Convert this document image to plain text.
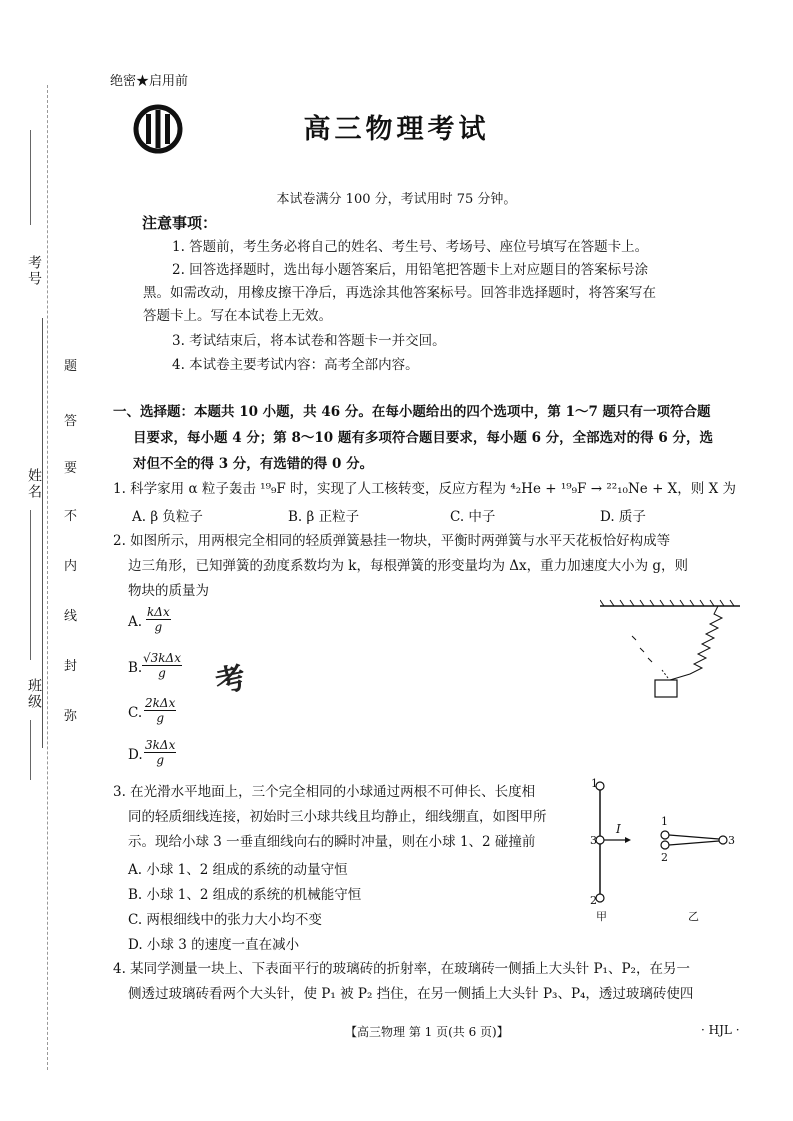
考号
姓名
班级
题
答
要
不
内
线
封
弥
绝密★启用前
高三物理考试
本试卷满分 100 分，考试用时 75 分钟。
注意事项：
1. 答题前，考生务必将自己的姓名、考生号、考场号、座位号填写在答题卡上。
2. 回答选择题时，选出每小题答案后，用铅笔把答题卡上对应题目的答案标号涂
黑。如需改动，用橡皮擦干净后，再选涂其他答案标号。回答非选择题时，将答案写在
答题卡上。写在本试卷上无效。
3. 考试结束后，将本试卷和答题卡一并交回。
4. 本试卷主要考试内容：高考全部内容。
一、选择题：本题共 10 小题，共 46 分。在每小题给出的四个选项中，第 1～7 题只有一项符合题
目要求，每小题 4 分；第 8～10 题有多项符合题目要求，每小题 6 分，全部选对的得 6 分，选
对但不全的得 3 分，有选错的得 0 分。
1. 科学家用 α 粒子轰击 ¹⁹₉F 时，实现了人工核转变，反应方程为 ⁴₂He + ¹⁹₉F → ²²₁₀Ne + X，则 X 为
A. β 负粒子	B. β 正粒子	C. 中子	D. 质子
2. 如图所示，用两根完全相同的轻质弹簧悬挂一物块，平衡时两弹簧与水平天花板恰好构成等
边三角形，已知弹簧的劲度系数均为 k，每根弹簧的形变量均为 Δx，重力加速度大小为 g，则
物块的质量为
A.
kΔx
g
B.
√3kΔx
g
C.
2kΔx
g
D.
3kΔx
g
考
3. 在光滑水平地面上，三个完全相同的小球通过两根不可伸长、长度相
同的轻质细线连接，初始时三小球共线且均静止，细线绷直，如图甲所
示。现给小球 3 一垂直细线向右的瞬时冲量，则在小球 1、2 碰撞前
A. 小球 1、2 组成的系统的动量守恒
B. 小球 1、2 组成的系统的机械能守恒
C. 两根细线中的张力大小均不变
D. 小球 3 的速度一直在减小
1
3
2
I
甲
1
2
3
乙
4. 某同学测量一块上、下表面平行的玻璃砖的折射率，在玻璃砖一侧插上大头针 P₁、P₂，在另一
侧透过玻璃砖看两个大头针，使 P₁ 被 P₂ 挡住，在另一侧插上大头针 P₃、P₄，透过玻璃砖使四
【高三物理 第 1 页(共 6 页)】	· HJL ·
